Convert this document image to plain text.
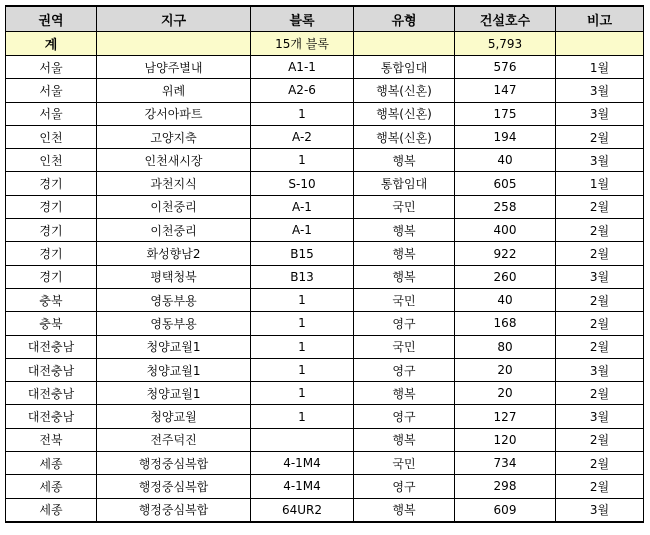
권역	지구	블록	유형	건설호수	비고
계		15개 블록		5,793	
서울	남양주별내	A1-1	통합임대	576	1월
서울	위례	A2-6	행복(신혼)	147	3월
서울	강서아파트	1	행복(신혼)	175	3월
인천	고양지축	A-2	행복(신혼)	194	2월
인천	인천새시장	1	행복	40	3월
경기	과천지식	S-10	통합임대	605	1월
경기	이천중리	A-1	국민	258	2월
경기	이천중리	A-1	행복	400	2월
경기	화성향남2	B15	행복	922	2월
경기	평택청북	B13	행복	260	3월
충북	영동부용	1	국민	40	2월
충북	영동부용	1	영구	168	2월
대전충남	청양교월1	1	국민	80	2월
대전충남	청양교월1	1	영구	20	3월
대전충남	청양교월1	1	행복	20	2월
대전충남	청양교월	1	영구	127	3월
전북	전주덕진		행복	120	2월
세종	행정중심복합	4-1M4	국민	734	2월
세종	행정중심복합	4-1M4	영구	298	2월
세종	행정중심복합	64UR2	행복	609	3월
